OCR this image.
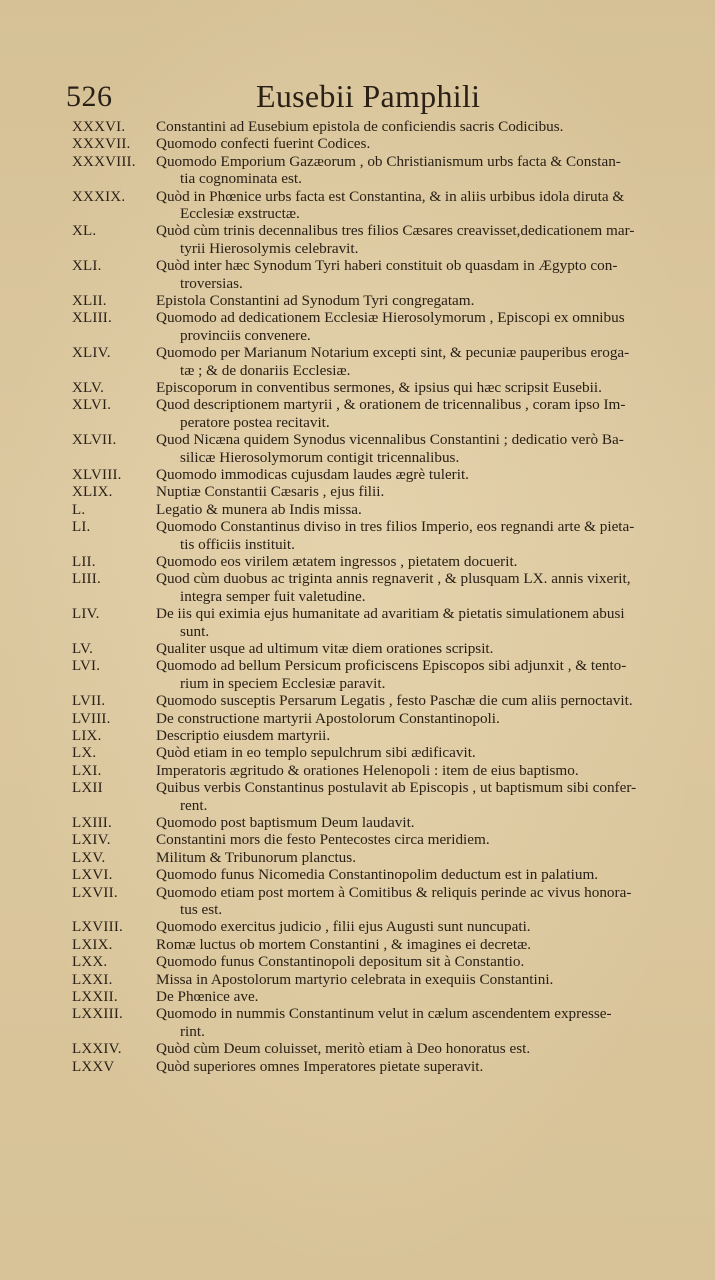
526	Eusebii Pamphili
XXXVI. Constantini ad Eusebium epistola de conficiendis sacris Codicibus.
XXXVII. Quomodo confecti fuerint Codices.
XXXVIII. Quomodo Emporium Gazæorum , ob Christianismum urbs facta & Constan-
tia cognominata est.
XXXIX. Quòd in Phœnice urbs facta est Constantina, & in aliis urbibus idola diruta &
Ecclesiæ exstructæ.
XL.	Quòd cùm trinis decennalibus tres filios Cæsares creavisset,dedicationem mar-
tyrii Hierosolymis celebravit.
XLI.	Quòd inter hæc Synodum Tyri haberi constituit ob quasdam in Ægypto con-
troversias.
XLII.	Epistola Constantini ad Synodum Tyri congregatam.
XLIII.	Quomodo ad dedicationem Ecclesiæ Hierosolymorum , Episcopi ex omnibus
provinciis convenere.
XLIV.	Quomodo per Marianum Notarium excepti sint, & pecuniæ pauperibus eroga-
tæ ; & de donariis Ecclesiæ.
XLV.	Episcoporum in conventibus sermones, & ipsius qui hæc scripsit Eusebii.
XLVI.	Quod descriptionem martyrii , & orationem de tricennalibus , coram ipso Im-
peratore postea recitavit.
XLVII.	Quod Nicæna quidem Synodus vicennalibus Constantini ; dedicatio verò Ba-
silicæ Hierosolymorum contigit tricennalibus.
XLVIII. Quomodo immodicas cujusdam laudes ægrè tulerit.
XLIX.	Nuptiæ Constantii Cæsaris , ejus filii.
L.	Legatio & munera ab Indis missa.
LI.	Quomodo Constantinus diviso in tres filios Imperio, eos regnandi arte & pieta-
tis officiis instituit.
LII.	Quomodo eos virilem ætatem ingressos , pietatem docuerit.
LIII.	Quod cùm duobus ac triginta annis regnaverit , & plusquam LX. annis vixerit,
integra semper fuit valetudine.
LIV.	De iis qui eximia ejus humanitate ad avaritiam & pietatis simulationem abusi
sunt.
LV.	Qualiter usque ad ultimum vitæ diem orationes scripsit.
LVI.	Quomodo ad bellum Persicum proficiscens Episcopos sibi adjunxit , & tento-
rium in speciem Ecclesiæ paravit.
LVII.	Quomodo susceptis Persarum Legatis , festo Paschæ die cum aliis pernoctavit.
LVIII.	De constructione martyrii Apostolorum Constantinopoli.
LIX.	Descriptio eiusdem martyrii.
LX.	Quòd etiam in eo templo sepulchrum sibi ædificavit.
LXI.	Imperatoris ægritudo & orationes Helenopoli : item de eius baptismo.
LXII	Quibus verbis Constantinus postulavit ab Episcopis , ut baptismum sibi confer-
rent.
LXIII.	Quomodo post baptismum Deum laudavit.
LXIV.	Constantini mors die festo Pentecostes circa meridiem.
LXV.	Militum & Tribunorum planctus.
LXVI.	Quomodo funus Nicomedia Constantinopolim deductum est in palatium.
LXVII.	Quomodo etiam post mortem à Comitibus & reliquis perinde ac vivus honora-
tus est.
LXVIII. Quomodo exercitus judicio , filii ejus Augusti sunt nuncupati.
LXIX.	Romæ luctus ob mortem Constantini , & imagines ei decretæ.
LXX.	Quomodo funus Constantinopoli depositum sit à Constantio.
LXXI.	Missa in Apostolorum martyrio celebrata in exequiis Constantini.
LXXII.	De Phœnice ave.
LXXIII. Quomodo in nummis Constantinum velut in cælum ascendentem expresse-
rint.
LXXIV. Quòd cùm Deum coluisset, meritò etiam à Deo honoratus est.
LXXV	Quòd superiores omnes Imperatores pietate superavit.
